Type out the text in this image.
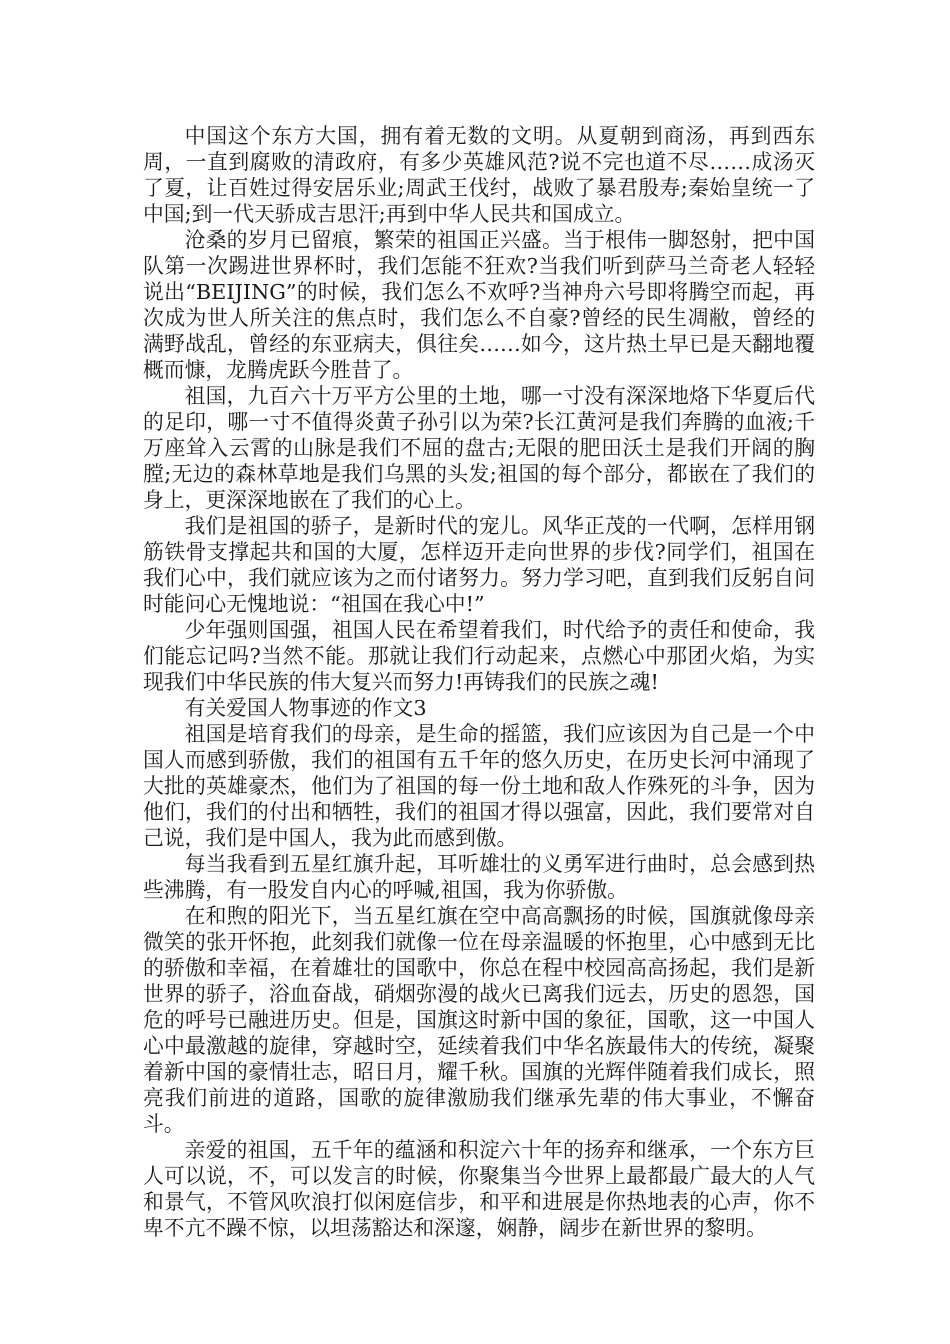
中国这个东方大国，拥有着无数的文明。从夏朝到商汤，再到西东周，一直到腐败的清政府，有多少英雄风范?说不完也道不尽……成汤灭了夏，让百姓过得安居乐业;周武王伐纣，战败了暴君殷寿;秦始皇统一了中国;到一代天骄成吉思汗;再到中华人民共和国成立。

沧桑的岁月已留痕，繁荣的祖国正兴盛。当于根伟一脚怒射，把中国队第一次踢进世界杯时，我们怎能不狂欢?当我们听到萨马兰奇老人轻轻说出“BEIJING”的时候，我们怎么不欢呼?当神舟六号即将腾空而起，再次成为世人所关注的焦点时，我们怎么不自豪?曾经的民生凋敝，曾经的满野战乱，曾经的东亚病夫，俱往矣……如今，这片热土早已是天翻地覆概而慷，龙腾虎跃今胜昔了。

祖国，九百六十万平方公里的土地，哪一寸没有深深地烙下华夏后代的足印，哪一寸不值得炎黄子孙引以为荣?长江黄河是我们奔腾的血液;千万座耸入云霄的山脉是我们不屈的盘古;无限的肥田沃土是我们开阔的胸膛;无边的森林草地是我们乌黑的头发;祖国的每个部分，都嵌在了我们的身上，更深深地嵌在了我们的心上。

我们是祖国的骄子，是新时代的宠儿。风华正茂的一代啊，怎样用钢筋铁骨支撑起共和国的大厦，怎样迈开走向世界的步伐?同学们，祖国在我们心中，我们就应该为之而付诸努力。努力学习吧，直到我们反躬自问时能问心无愧地说：“祖国在我心中!”

少年强则国强，祖国人民在希望着我们，时代给予的责任和使命，我们能忘记吗?当然不能。那就让我们行动起来，点燃心中那团火焰，为实现我们中华民族的伟大复兴而努力!再铸我们的民族之魂!

有关爱国人物事迹的作文3

祖国是培育我们的母亲，是生命的摇篮，我们应该因为自己是一个中国人而感到骄傲，我们的祖国有五千年的悠久历史，在历史长河中涌现了大批的英雄豪杰，他们为了祖国的每一份土地和敌人作殊死的斗争，因为他们，我们的付出和牺牲，我们的祖国才得以强富，因此，我们要常对自己说，我们是中国人，我为此而感到傲。

每当我看到五星红旗升起，耳听雄壮的义勇军进行曲时，总会感到热些沸腾，有一股发自内心的呼喊,祖国，我为你骄傲。

在和煦的阳光下，当五星红旗在空中高高飘扬的时候，国旗就像母亲微笑的张开怀抱，此刻我们就像一位在母亲温暖的怀抱里，心中感到无比的骄傲和幸福，在着雄壮的国歌中，你总在程中校园高高扬起，我们是新世界的骄子，浴血奋战，硝烟弥漫的战火已离我们远去，历史的恩怨，国危的呼号已融进历史。但是，国旗这时新中国的象征，国歌，这一中国人心中最激越的旋律，穿越时空，延续着我们中华名族最伟大的传统，凝聚着新中国的豪情壮志，昭日月，耀千秋。国旗的光辉伴随着我们成长，照亮我们前进的道路，国歌的旋律激励我们继承先辈的伟大事业，不懈奋斗。

亲爱的祖国，五千年的蕴涵和积淀六十年的扬弃和继承，一个东方巨人可以说，不，可以发言的时候，你聚集当今世界上最都最广最大的人气和景气，不管风吹浪打似闲庭信步，和平和进展是你热地表的心声，你不卑不亢不躁不惊，以坦荡豁达和深邃，娴静，阔步在新世界的黎明。
